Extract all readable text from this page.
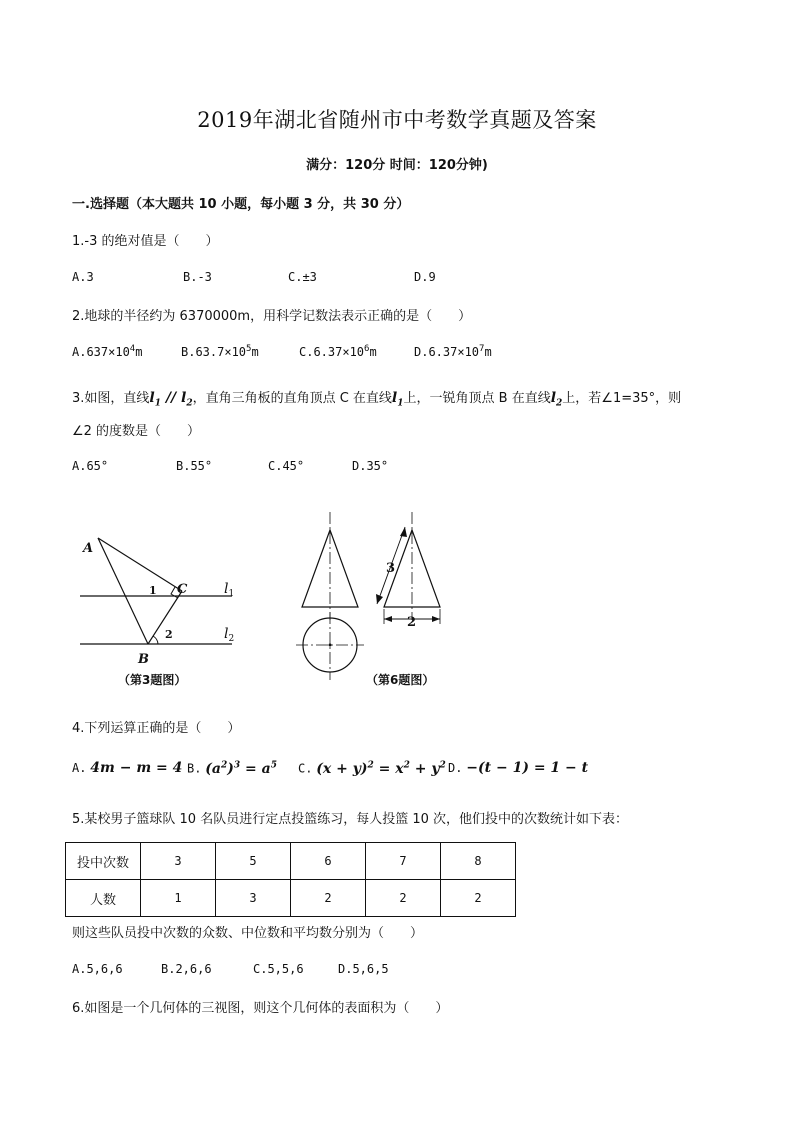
2019年湖北省随州市中考数学真题及答案
满分：120分 时间：120分钟)
一.选择题（本大题共 10 小题，每小题 3 分，共 30 分）
1.-3 的绝对值是（　　）
A.3	B.-3	C.±3	D.9
2.地球的半径约为 6370000m，用科学记数法表示正确的是（　　）
$A.637\times 10^4m$	$B.63.7\times 10^5m$	$C.6.37\times 10^6m$	$D.6.37\times 10^7m$
3.如图，直线$l_1 // l_2$，直角三角板的直角顶点 C 在直线$l_1$上，一锐角顶点 B 在直线$l_2$上，若∠1=35°，则
∠2 的度数是（　　）
A.65°	B.55°	C.45°	D.35°
A
C
B
1
2
$l_1$
$l_2$
（第3题图）
3
2
（第6题图）
4.下列运算正确的是（　　）
A. 4m − m = 4 B. $(a^2)^3 = a^5$ C. $(x + y)^2 = x^2 + y^2$ D. −(t − 1) = 1 − t
5.某校男子篮球队 10 名队员进行定点投篮练习，每人投篮 10 次，他们投中的次数统计如下表：
投中次数	3	5	6	7	8
人数	1	3	2	2	2
则这些队员投中次数的众数、中位数和平均数分别为（　　）
A.5,6,6	B.2,6,6	C.5,5,6	D.5,6,5
6.如图是一个几何体的三视图，则这个几何体的表面积为（　　）
